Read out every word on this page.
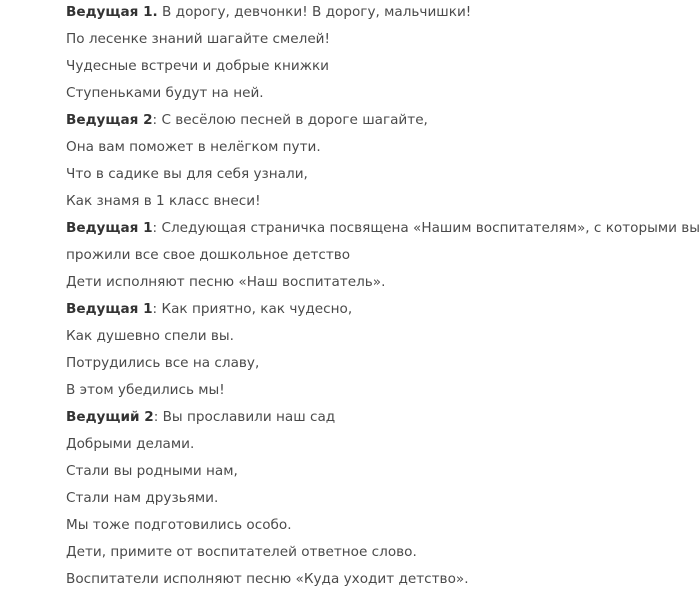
Ведущая 1. В дорогу, девчонки! В дорогу, мальчишки!

По лесенке знаний шагайте смелей!

Чудесные встречи и добрые книжки

Ступеньками будут на ней.

Ведущая 2: С весёлою песней в дороге шагайте,

Она вам поможет в нелёгком пути.

Что в садике вы для себя узнали,

Как знамя в 1 класс внеси!

Ведущая 1: Следующая страничка посвящена «Нашим воспитателям», с которыми вы

прожили все свое дошкольное детство

Дети исполняют песню «Наш воспитатель».

Ведущая 1: Как приятно, как чудесно,

Как душевно спели вы.

Потрудились все на славу,

В этом убедились мы!

Ведущий 2: Вы прославили наш сад

Добрыми делами.

Стали вы родными нам,

Стали нам друзьями.

Мы тоже подготовились особо.

Дети, примите от воспитателей ответное слово.

Воспитатели исполняют песню «Куда уходит детство».
